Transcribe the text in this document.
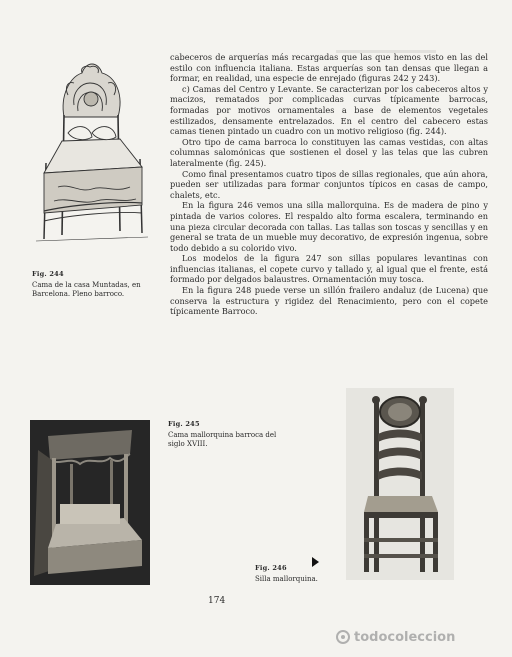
Fig. 244
Cama de la casa Muntadas, en Barcelona. Pleno barroco.

cabeceros de arquerías más recargadas que las que hemos visto en las del estilo con influencia italiana. Estas arquerías son tan densas que llegan a formar, en realidad, una especie de enrejado (figuras 242 y 243).

c) Camas del Centro y Levante. Se caracterizan por los cabeceros altos y macizos, rematados por complicadas curvas típicamente barrocas, formadas por motivos ornamentales a base de elementos vegetales estilizados, densamente entrelazados. En el centro del cabecero estas camas tienen pintado un cuadro con un motivo religioso (fig. 244).

Otro tipo de cama barroca lo constituyen las camas vestidas, con altas columnas salomónicas que sostienen el dosel y las telas que las cubren lateralmente (fig. 245).

Como final presentamos cuatro tipos de sillas regionales, que aún ahora, pueden ser utilizadas para formar conjuntos típicos en casas de campo, chalets, etc.

En la figura 246 vemos una silla mallorquina. Es de madera de pino y pintada de varios colores. El respaldo alto forma escalera, terminando en una pieza circular decorada con tallas. Las tallas son toscas y sencillas y en general se trata de un mueble muy decorativo, de expresión ingenua, sobre todo debido a su colorido vivo.

Los modelos de la figura 247 son sillas populares levantinas con influencias italianas, el copete curvo y tallado y, al igual que el frente, está formado por delgados balaustres. Ornamentación muy tosca.

En la figura 248 puede verse un sillón frailero andaluz (de Lucena) que conserva la estructura y rigidez del Renacimiento, pero con el copete típicamente Barroco.

Fig. 245
Cama mallorquina barroca del siglo XVIII.
Fig. 246
Silla mallorquina.
174
todocoleccion
